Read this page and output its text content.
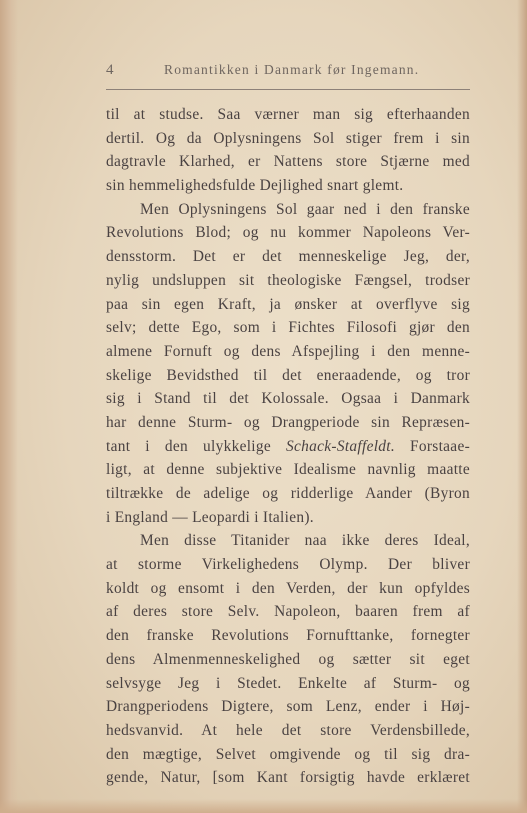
4	Romantikken i Danmark før Ingemann.
til at studse. Saa værner man sig efterhaanden
dertil. Og da Oplysningens Sol stiger frem i sin
dagtravle Klarhed, er Nattens store Stjærne med
sin hemmelighedsfulde Dejlighed snart glemt.
Men Oplysningens Sol gaar ned i den franske
Revolutions Blod; og nu kommer Napoleons Ver-
densstorm. Det er det menneskelige Jeg, der,
nylig undsluppen sit theologiske Fængsel, trodser
paa sin egen Kraft, ja ønsker at overflyve sig
selv; dette Ego, som i Fichtes Filosofi gjør den
almene Fornuft og dens Afspejling i den menne-
skelige Bevidsthed til det eneraadende, og tror
sig i Stand til det Kolossale. Ogsaa i Danmark
har denne Sturm- og Drangperiode sin Repræsen-
tant i den ulykkelige Schack-Staffeldt. Forstaae-
ligt, at denne subjektive Idealisme navnlig maatte
tiltrække de adelige og ridderlige Aander (Byron
i England — Leopardi i Italien).
Men disse Titanider naa ikke deres Ideal,
at storme Virkelighedens Olymp. Der bliver
koldt og ensomt i den Verden, der kun opfyldes
af deres store Selv. Napoleon, baaren frem af
den franske Revolutions Fornufttanke, fornegter
dens Almenmenneskelighed og sætter sit eget
selvsyge Jeg i Stedet. Enkelte af Sturm- og
Drangperiodens Digtere, som Lenz, ender i Høj-
hedsvanvid. At hele det store Verdensbillede,
den mægtige, Selvet omgivende og til sig dra-
gende, Natur, [som Kant forsigtig havde erklæret
